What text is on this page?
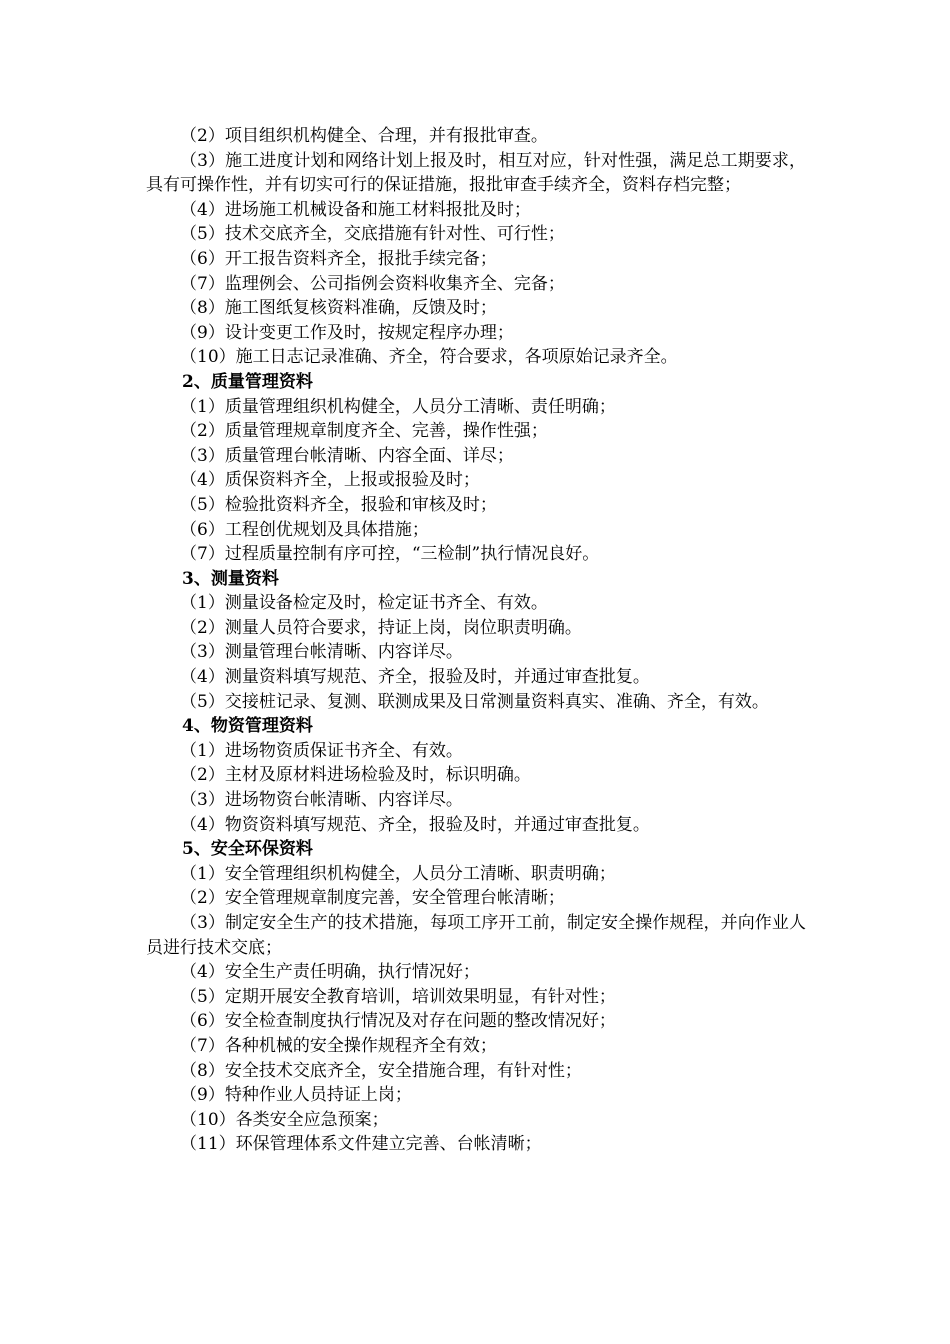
（2）项目组织机构健全、合理，并有报批审查。

（3）施工进度计划和网络计划上报及时，相互对应，针对性强，满足总工期要求，具有可操作性，并有切实可行的保证措施，报批审查手续齐全，资料存档完整；

（4）进场施工机械设备和施工材料报批及时；

（5）技术交底齐全，交底措施有针对性、可行性；

（6）开工报告资料齐全，报批手续完备；

（7）监理例会、公司指例会资料收集齐全、完备；

（8）施工图纸复核资料准确，反馈及时；

（9）设计变更工作及时，按规定程序办理；

（10）施工日志记录准确、齐全，符合要求，各项原始记录齐全。

2、质量管理资料

（1）质量管理组织机构健全，人员分工清晰、责任明确；

（2）质量管理规章制度齐全、完善，操作性强；

（3）质量管理台帐清晰、内容全面、详尽；

（4）质保资料齐全，上报或报验及时；

（5）检验批资料齐全，报验和审核及时；

（6）工程创优规划及具体措施；

（7）过程质量控制有序可控，“三检制”执行情况良好。

3、测量资料

（1）测量设备检定及时，检定证书齐全、有效。

（2）测量人员符合要求，持证上岗，岗位职责明确。

（3）测量管理台帐清晰、内容详尽。

（4）测量资料填写规范、齐全，报验及时，并通过审查批复。

（5）交接桩记录、复测、联测成果及日常测量资料真实、准确、齐全，有效。

4、物资管理资料

（1）进场物资质保证书齐全、有效。

（2）主材及原材料进场检验及时，标识明确。

（3）进场物资台帐清晰、内容详尽。

（4）物资资料填写规范、齐全，报验及时，并通过审查批复。

5、安全环保资料

（1）安全管理组织机构健全，人员分工清晰、职责明确；

（2）安全管理规章制度完善，安全管理台帐清晰；

（3）制定安全生产的技术措施，每项工序开工前，制定安全操作规程，并向作业人员进行技术交底；

（4）安全生产责任明确，执行情况好；

（5）定期开展安全教育培训，培训效果明显，有针对性；

（6）安全检查制度执行情况及对存在问题的整改情况好；

（7）各种机械的安全操作规程齐全有效；

（8）安全技术交底齐全，安全措施合理，有针对性；

（9）特种作业人员持证上岗；

（10）各类安全应急预案；

（11）环保管理体系文件建立完善、台帐清晰；
